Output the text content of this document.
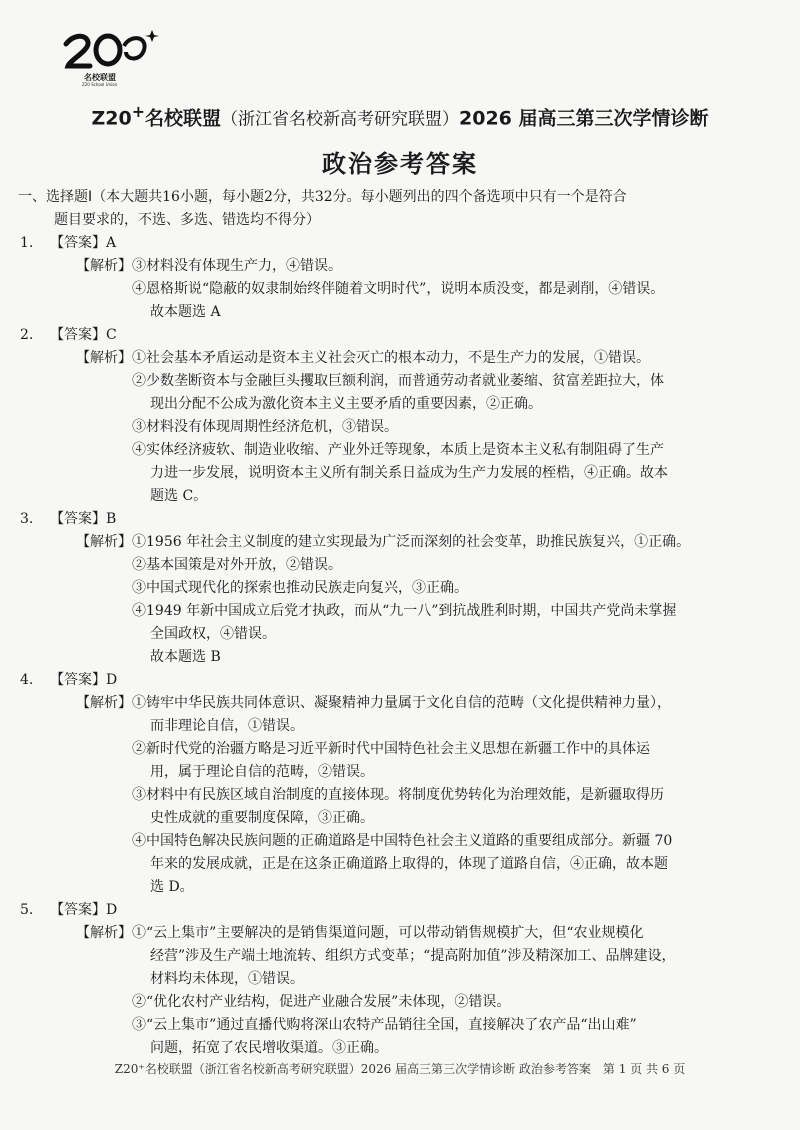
名校联盟
Z20 School Union
Z20+名校联盟（浙江省名校新高考研究联盟）2026 届高三第三次学情诊断
政治参考答案

一、选择题Ⅰ（本大题共16小题，每小题2分，共32分。每小题列出的四个备选项中只有一个是符合

题目要求的，不选、多选、错选均不得分）

1. 【答案】A

【解析】 ③材料没有体现生产力，④错误。

④恩格斯说“隐蔽的奴隶制始终伴随着文明时代”，说明本质没变，都是剥削，④错误。

故本题选 A

2. 【答案】C

【解析】 ①社会基本矛盾运动是资本主义社会灭亡的根本动力，不是生产力的发展，①错误。

②少数垄断资本与金融巨头攫取巨额利润，而普通劳动者就业萎缩、贫富差距拉大，体

现出分配不公成为激化资本主义主要矛盾的重要因素，②正确。

③材料没有体现周期性经济危机，③错误。

④实体经济疲软、制造业收缩、产业外迁等现象，本质上是资本主义私有制阻碍了生产

力进一步发展，说明资本主义所有制关系日益成为生产力发展的桎梏，④正确。故本

题选 C。

3. 【答案】B

【解析】 ①1956 年社会主义制度的建立实现最为广泛而深刻的社会变革，助推民族复兴，①正确。

②基本国策是对外开放，②错误。

③中国式现代化的探索也推动民族走向复兴，③正确。

④1949 年新中国成立后党才执政，而从“九一八”到抗战胜利时期，中国共产党尚未掌握

全国政权，④错误。

故本题选 B

4. 【答案】D

【解析】 ①铸牢中华民族共同体意识、凝聚精神力量属于文化自信的范畴（文化提供精神力量），

而非理论自信，①错误。

②新时代党的治疆方略是习近平新时代中国特色社会主义思想在新疆工作中的具体运

用，属于理论自信的范畴，②错误。

③材料中有民族区域自治制度的直接体现。将制度优势转化为治理效能，是新疆取得历

史性成就的重要制度保障，③正确。

④中国特色解决民族问题的正确道路是中国特色社会主义道路的重要组成部分。新疆 70

年来的发展成就，正是在这条正确道路上取得的，体现了道路自信，④正确，故本题

选 D。

5. 【答案】D

【解析】 ①“云上集市”主要解决的是销售渠道问题，可以带动销售规模扩大，但“农业规模化

经营”涉及生产端土地流转、组织方式变革；“提高附加值”涉及精深加工、品牌建设，

材料均未体现，①错误。

②“优化农村产业结构，促进产业融合发展”未体现，②错误。

③“云上集市”通过直播代购将深山农特产品销往全国，直接解决了农产品“出山难”

问题，拓宽了农民增收渠道。③正确。

Z20⁺名校联盟（浙江省名校新高考研究联盟）2026 届高三第三次学情诊断 政治参考答案　第 1 页 共 6 页
